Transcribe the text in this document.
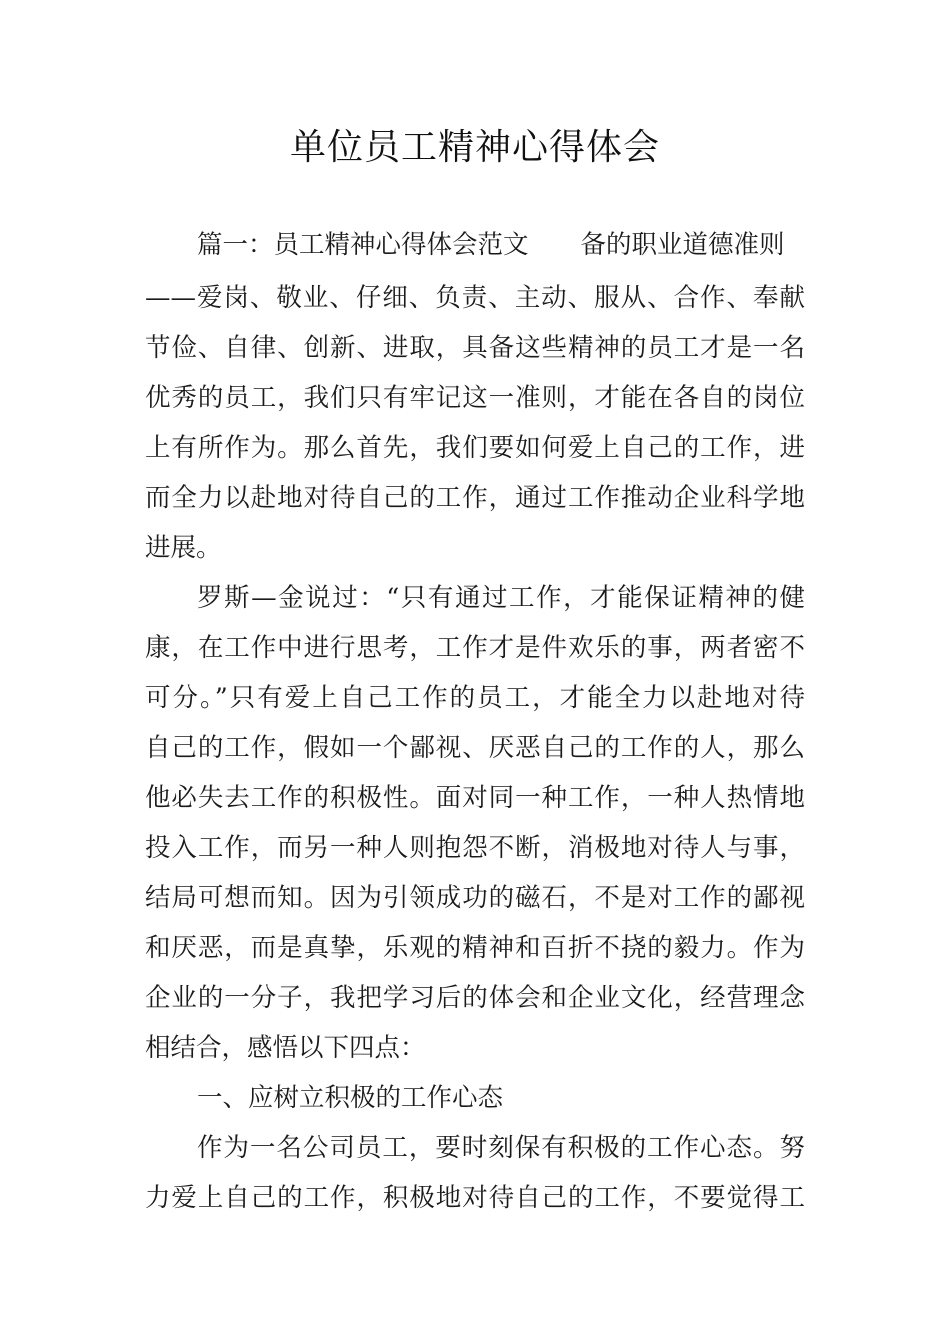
单位员工精神心得体会
篇一：员工精神心得体会范文 备的职业道德准则
——爱岗、敬业、仔细、负责、主动、服从、合作、奉献
节俭、自律、创新、进取，具备这些精神的员工才是一名
优秀的员工，我们只有牢记这一准则，才能在各自的岗位
上有所作为。那么首先，我们要如何爱上自己的工作，进
而全力以赴地对待自己的工作，通过工作推动企业科学地
进展。
罗斯—金说过：“只有通过工作，才能保证精神的健
康，在工作中进行思考，工作才是件欢乐的事，两者密不
可分。”只有爱上自己工作的员工，才能全力以赴地对待
自己的工作，假如一个鄙视、厌恶自己的工作的人，那么
他必失去工作的积极性。面对同一种工作，一种人热情地
投入工作，而另一种人则抱怨不断，消极地对待人与事，
结局可想而知。因为引领成功的磁石，不是对工作的鄙视
和厌恶，而是真挚，乐观的精神和百折不挠的毅力。作为
企业的一分子，我把学习后的体会和企业文化，经营理念
相结合，感悟以下四点：
一、应树立积极的工作心态
作为一名公司员工，要时刻保有积极的工作心态。努
力爱上自己的工作，积极地对待自己的工作，不要觉得工
